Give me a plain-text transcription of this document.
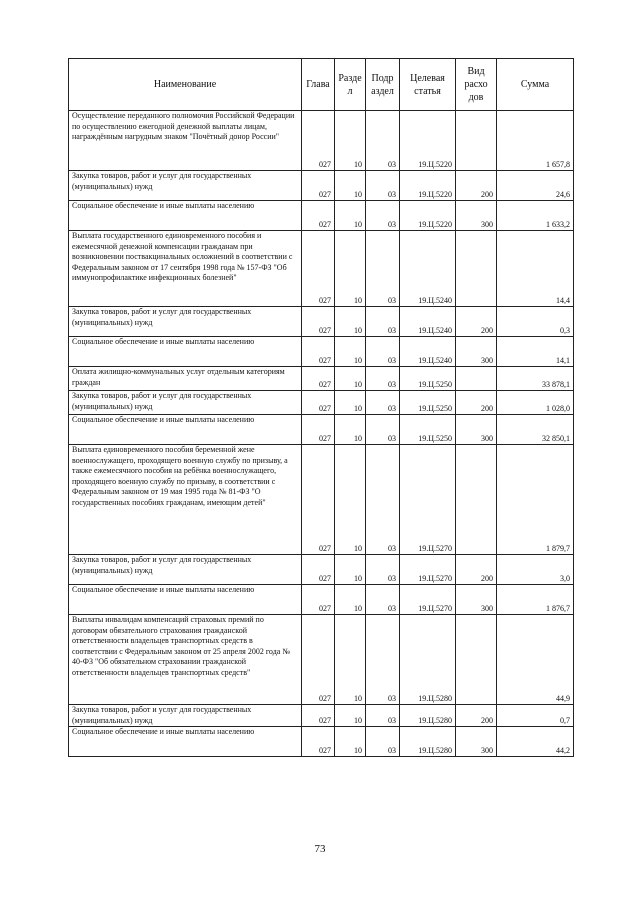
Наименование	Глава	Разде л	Подр аздел	Целевая статья	Вид расхо дов	Сумма
Осуществление переданного полномочия Российской Федерации по осуществлению ежегодной денежной выплаты лицам, награждённым нагрудным знаком "Почётный донор России"	027	10	03	19.Ц.5220		1 657,8
Закупка товаров, работ и услуг для государственных (муниципальных) нужд	027	10	03	19.Ц.5220	200	24,6
Социальное обеспечение и иные выплаты населению	027	10	03	19.Ц.5220	300	1 633,2
Выплата государственного единовременного пособия и ежемесячной денежной компенсации гражданам при возникновении поствакцинальных осложнений в соответствии с Федеральным законом от 17 сентября 1998 года № 157-ФЗ "Об иммунопрофилактике инфекционных болезней"	027	10	03	19.Ц.5240		14,4
Закупка товаров, работ и услуг для государственных (муниципальных) нужд	027	10	03	19.Ц.5240	200	0,3
Социальное обеспечение и иные выплаты населению	027	10	03	19.Ц.5240	300	14,1
Оплата жилищно-коммунальных услуг отдельным категориям граждан	027	10	03	19.Ц.5250		33 878,1
Закупка товаров, работ и услуг для государственных (муниципальных) нужд	027	10	03	19.Ц.5250	200	1 028,0
Социальное обеспечение и иные выплаты населению	027	10	03	19.Ц.5250	300	32 850,1
Выплата единовременного пособия беременной жене военнослужащего, проходящего военную службу по призыву, а также ежемесячного пособия на ребёнка военнослужащего, проходящего военную службу по призыву, в соответствии с Федеральным законом от 19 мая 1995 года № 81-ФЗ "О государственных пособиях гражданам, имеющим детей"	027	10	03	19.Ц.5270		1 879,7
Закупка товаров, работ и услуг для государственных (муниципальных) нужд	027	10	03	19.Ц.5270	200	3,0
Социальное обеспечение и иные выплаты населению	027	10	03	19.Ц.5270	300	1 876,7
Выплаты инвалидам компенсаций страховых премий по договорам обязательного страхования гражданской ответственности владельцев транспортных средств в соответствии с Федеральным законом от 25 апреля 2002 года № 40-ФЗ "Об обязательном страховании гражданской ответственности владельцев транспортных средств"	027	10	03	19.Ц.5280		44,9
Закупка товаров, работ и услуг для государственных (муниципальных) нужд	027	10	03	19.Ц.5280	200	0,7
Социальное обеспечение и иные выплаты населению	027	10	03	19.Ц.5280	300	44,2
73
